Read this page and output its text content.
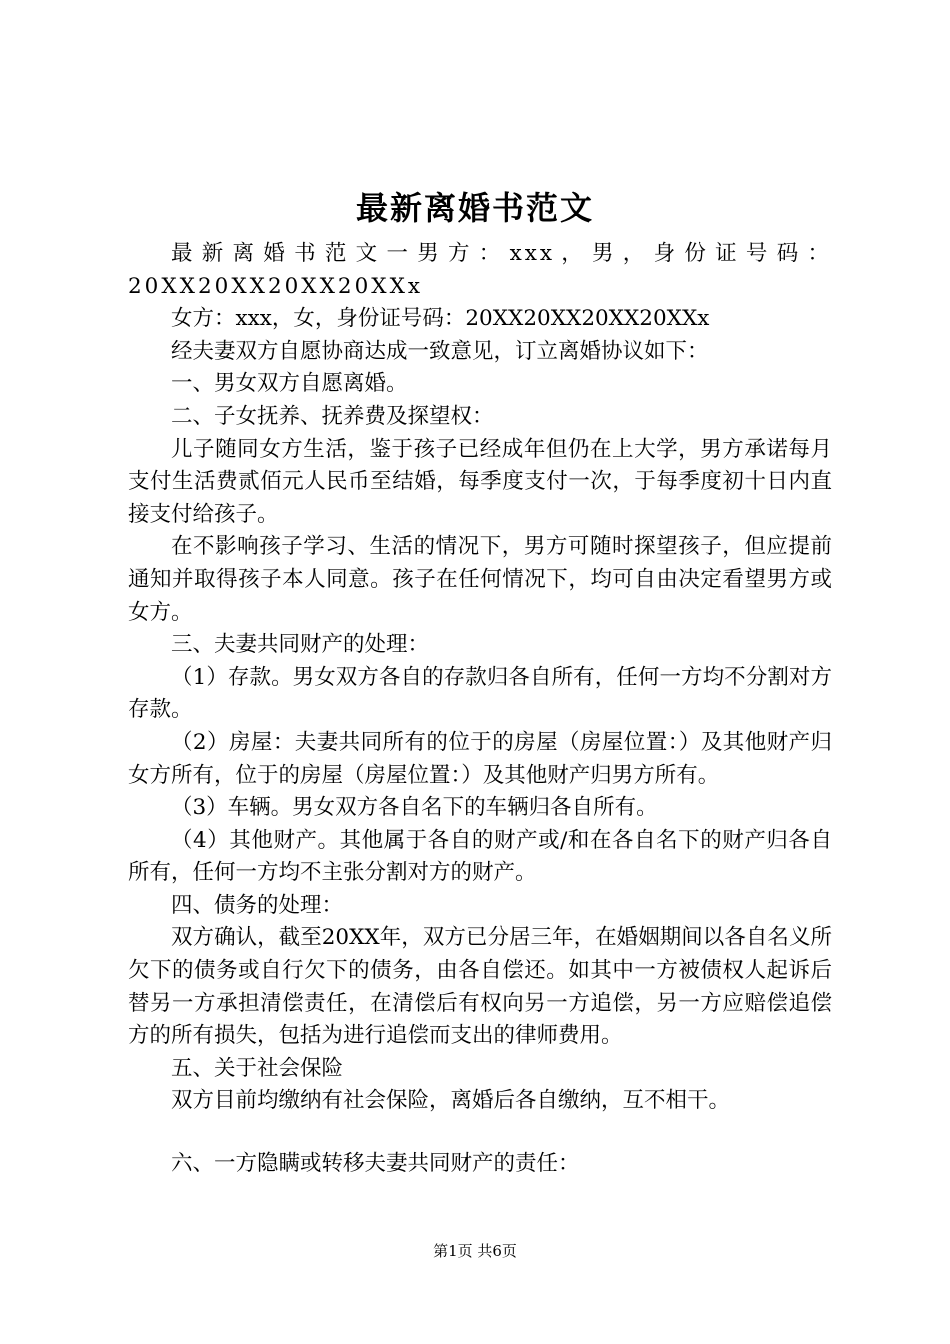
最新离婚书范文

最新离婚书范文一男方：xxx，男，身份证号码：20XX20XX20XX20XXx

女方：xxx，女，身份证号码：20XX20XX20XX20XXx

经夫妻双方自愿协商达成一致意见，订立离婚协议如下：

一、男女双方自愿离婚。

二、子女抚养、抚养费及探望权：

儿子随同女方生活，鉴于孩子已经成年但仍在上大学，男方承诺每月支付生活费贰佰元人民币至结婚，每季度支付一次，于每季度初十日内直接支付给孩子。

在不影响孩子学习、生活的情况下，男方可随时探望孩子，但应提前通知并取得孩子本人同意。孩子在任何情况下，均可自由决定看望男方或女方。

三、夫妻共同财产的处理：

（1）存款。男女双方各自的存款归各自所有，任何一方均不分割对方存款。

（2）房屋：夫妻共同所有的位于的房屋（房屋位置：）及其他财产归女方所有，位于的房屋（房屋位置：）及其他财产归男方所有。

（3）车辆。男女双方各自名下的车辆归各自所有。

（4）其他财产。其他属于各自的财产或/和在各自名下的财产归各自所有，任何一方均不主张分割对方的财产。

四、债务的处理：

双方确认，截至20XX年，双方已分居三年，在婚姻期间以各自名义所欠下的债务或自行欠下的债务，由各自偿还。如其中一方被债权人起诉后替另一方承担清偿责任，在清偿后有权向另一方追偿，另一方应赔偿追偿方的所有损失，包括为进行追偿而支出的律师费用。

五、关于社会保险

双方目前均缴纳有社会保险，离婚后各自缴纳，互不相干。

六、一方隐瞒或转移夫妻共同财产的责任：

第1页 共6页
